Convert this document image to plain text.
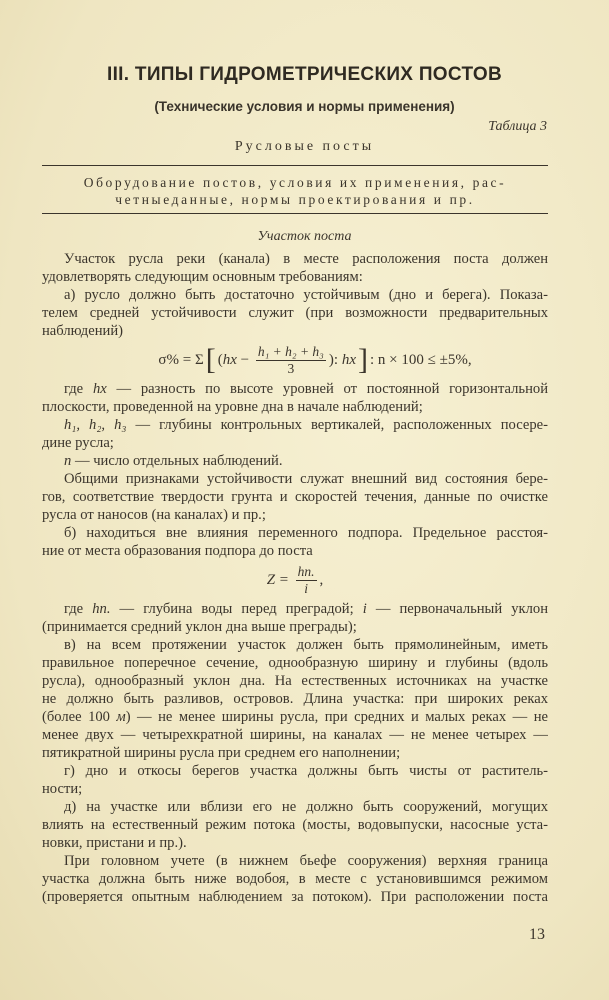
III. ТИПЫ ГИДРОМЕТРИЧЕСКИХ ПОСТОВ
(Технические условия и нормы применения)
Таблица 3
Русловые посты
Оборудование постов, условия их применения, рас-
четныеданные, нормы проектирования и пр.
Участок поста
Участок русла реки (канала) в месте расположения поста должен
удовлетворять следующим основным требованиям:
а) русло должно быть достаточно устойчивым (дно и берега). Показа-
телем средней устойчивости служит (при возможности предварительных
наблюдений)
σ% = Σ [ ( hx − $\frac{\text{h₁ + h₂ + h₃}}{3}$ ): hx ] : n × 100 ≤ ±5%,
где hx — разность по высоте уровней от постоянной горизонтальной
плоскости, проведенной на уровне дна в начале наблюдений;
h₁, h₂, h₃ — глубины контрольных вертикалей, расположенных посере-
дине русла;
n — число отдельных наблюдений.
Общими признаками устойчивости служат внешний вид состояния бере-
гов, соответствие твердости грунта и скоростей течения, данные по очистке
русла от наносов (на каналах) и пр.;
б) находиться вне влияния переменного подпора. Предельное расстоя-
ние от места образования подпора до поста
$Z = \frac{hп.}{i}$ ,
где hп. — глубина воды перед преградой; i — первоначальный уклон
(принимается средний уклон дна выше преграды);
в) на всем протяжении участок должен быть прямолинейным, иметь
правильное поперечное сечение, однообразную ширину и глубины (вдоль
русла), однообразный уклон дна. На естественных источниках на участке
не должно быть разливов, островов. Длина участка: при широких реках
(более 100 м) — не менее ширины русла, при средних и малых реках — не
менее двух — четырехкратной ширины, на каналах — не менее четырех —
пятикратной ширины русла при среднем его наполнении;
г) дно и откосы берегов участка должны быть чисты от раститель-
ности;
д) на участке или вблизи его не должно быть сооружений, могущих
влиять на естественный режим потока (мосты, водовыпуски, насосные уста-
новки, пристани и пр.).
При головном учете (в нижнем бьефе сооружения) верхняя граница
участка должна быть ниже водобоя, в месте с установившимся режимом
(проверяется опытным наблюдением за потоком). При расположении поста
13
